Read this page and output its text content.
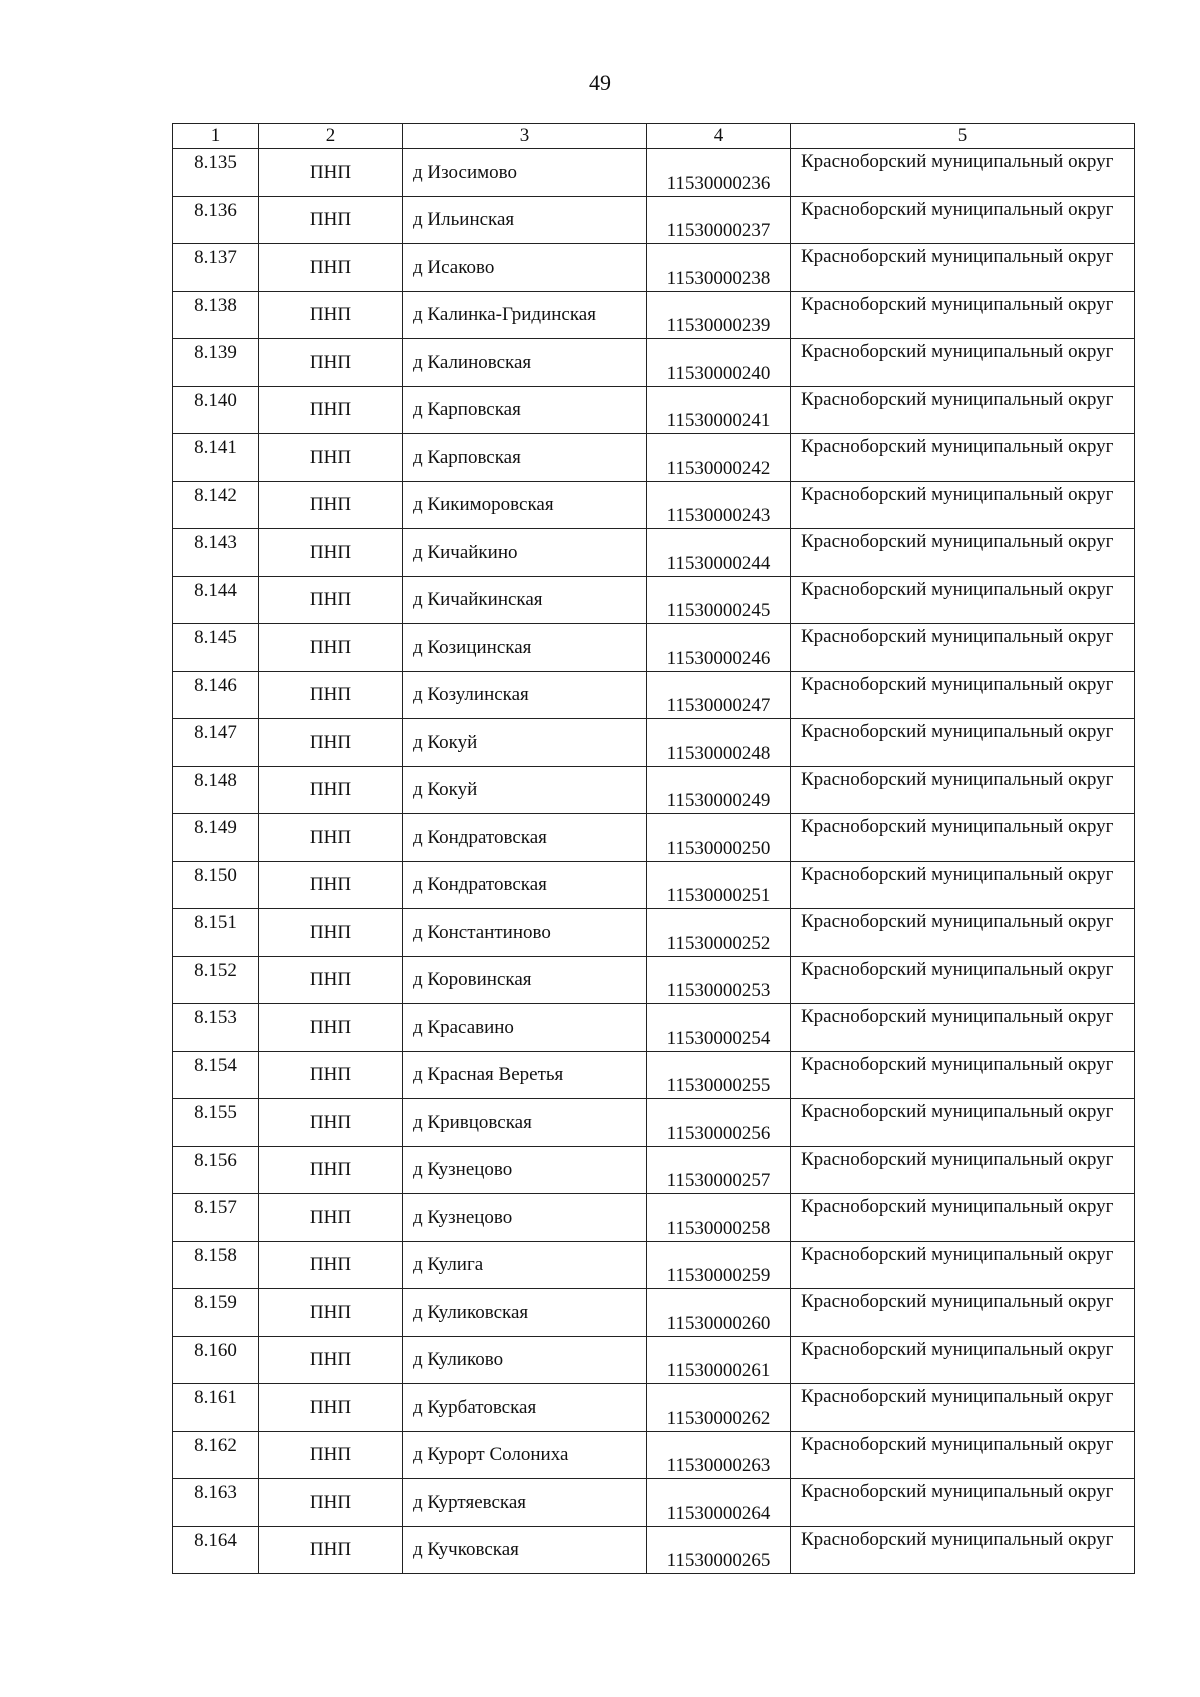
49
1	2	3	4	5
8.135	ПНП	д Изосимово	11530000236	Красноборский муниципальный округ
8.136	ПНП	д Ильинская	11530000237	Красноборский муниципальный округ
8.137	ПНП	д Исаково	11530000238	Красноборский муниципальный округ
8.138	ПНП	д Калинка-Гридинская	11530000239	Красноборский муниципальный округ
8.139	ПНП	д Калиновская	11530000240	Красноборский муниципальный округ
8.140	ПНП	д Карповская	11530000241	Красноборский муниципальный округ
8.141	ПНП	д Карповская	11530000242	Красноборский муниципальный округ
8.142	ПНП	д Кикиморовская	11530000243	Красноборский муниципальный округ
8.143	ПНП	д Кичайкино	11530000244	Красноборский муниципальный округ
8.144	ПНП	д Кичайкинская	11530000245	Красноборский муниципальный округ
8.145	ПНП	д Козицинская	11530000246	Красноборский муниципальный округ
8.146	ПНП	д Козулинская	11530000247	Красноборский муниципальный округ
8.147	ПНП	д Кокуй	11530000248	Красноборский муниципальный округ
8.148	ПНП	д Кокуй	11530000249	Красноборский муниципальный округ
8.149	ПНП	д Кондратовская	11530000250	Красноборский муниципальный округ
8.150	ПНП	д Кондратовская	11530000251	Красноборский муниципальный округ
8.151	ПНП	д Константиново	11530000252	Красноборский муниципальный округ
8.152	ПНП	д Коровинская	11530000253	Красноборский муниципальный округ
8.153	ПНП	д Красавино	11530000254	Красноборский муниципальный округ
8.154	ПНП	д Красная Веретья	11530000255	Красноборский муниципальный округ
8.155	ПНП	д Кривцовская	11530000256	Красноборский муниципальный округ
8.156	ПНП	д Кузнецово	11530000257	Красноборский муниципальный округ
8.157	ПНП	д Кузнецово	11530000258	Красноборский муниципальный округ
8.158	ПНП	д Кулига	11530000259	Красноборский муниципальный округ
8.159	ПНП	д Куликовская	11530000260	Красноборский муниципальный округ
8.160	ПНП	д Куликово	11530000261	Красноборский муниципальный округ
8.161	ПНП	д Курбатовская	11530000262	Красноборский муниципальный округ
8.162	ПНП	д Курорт Солониха	11530000263	Красноборский муниципальный округ
8.163	ПНП	д Куртяевская	11530000264	Красноборский муниципальный округ
8.164	ПНП	д Кучковская	11530000265	Красноборский муниципальный округ
